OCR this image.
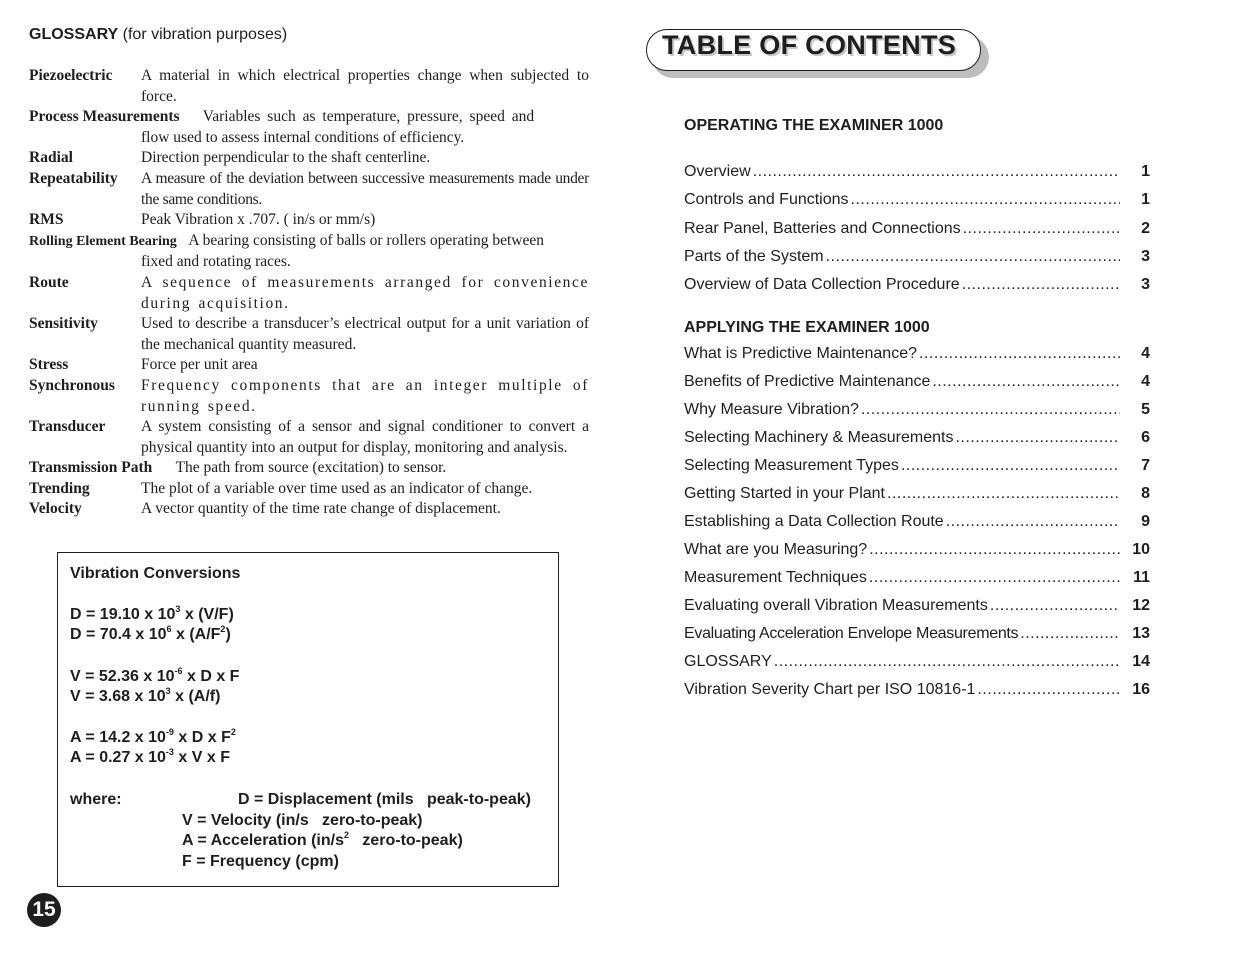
GLOSSARY (for vibration purposes)
Piezoelectric	A material in which electrical properties change when subjected to force.
Process Measurements Variables such as temperature, pressure, speed and
flow used to assess internal conditions of efficiency.
Radial	Direction perpendicular to the shaft centerline.
Repeatability	A measure of the deviation between successive measurements made under the same conditions.
RMS	Peak Vibration x .707. ( in/s or mm/s)
Rolling Element Bearing A bearing consisting of balls or rollers operating between
fixed and rotating races.
Route	A sequence of measurements arranged for convenience during acquisition.
Sensitivity	Used to describe a transducer’s electrical output for a unit variation of the mechanical quantity measured.
Stress	Force per unit area
Synchronous	Frequency components that are an integer multiple of running speed.
Transducer	A system consisting of a sensor and signal conditioner to convert a physical quantity into an output for display, monitoring and analysis.
Transmission Path The path from source (excitation) to sensor.
Trending	The plot of a variable over time used as an indicator of change.
Velocity	A vector quantity of the time rate change of displacement.
Vibration Conversions
D = 19.10 x $10^3$ x (V/F)
D = 70.4 x $10^6$ x $(A/F^2)$
V = 52.36 x $10^{-6}$ x D x F
V = 3.68 x $10^3$ x (A/f)
A = 14.2 x $10^{-9}$ x D x $F^2$
A = 0.27 x $10^{-3}$ x V x F
where:	D = Displacement (mils   peak-to-peak)
V = Velocity (in/s   zero-to-peak)
A = Acceleration ($in/s^2$   zero-to-peak)
F = Frequency (cpm)
15
TABLE OF CONTENTS
OPERATING THE EXAMINER 1000
Overview .....	1
Controls and Functions .....	1
Rear Panel, Batteries and Connections .....	2
Parts of the System .....	3
Overview of Data Collection Procedure .....	3
APPLYING THE EXAMINER 1000
What is Predictive Maintenance? .....	4
Benefits of Predictive Maintenance .....	4
Why Measure Vibration? .....	5
Selecting Machinery & Measurements .....	6
Selecting Measurement Types .....	7
Getting Started in your Plant .....	8
Establishing a Data Collection Route .....	9
What are you Measuring? .....	10
Measurement Techniques .....	11
Evaluating overall Vibration Measurements .....	12
Evaluating Acceleration Envelope Measurements .....	13
GLOSSARY .....	14
Vibration Severity Chart per ISO 10816-1 .....	16
